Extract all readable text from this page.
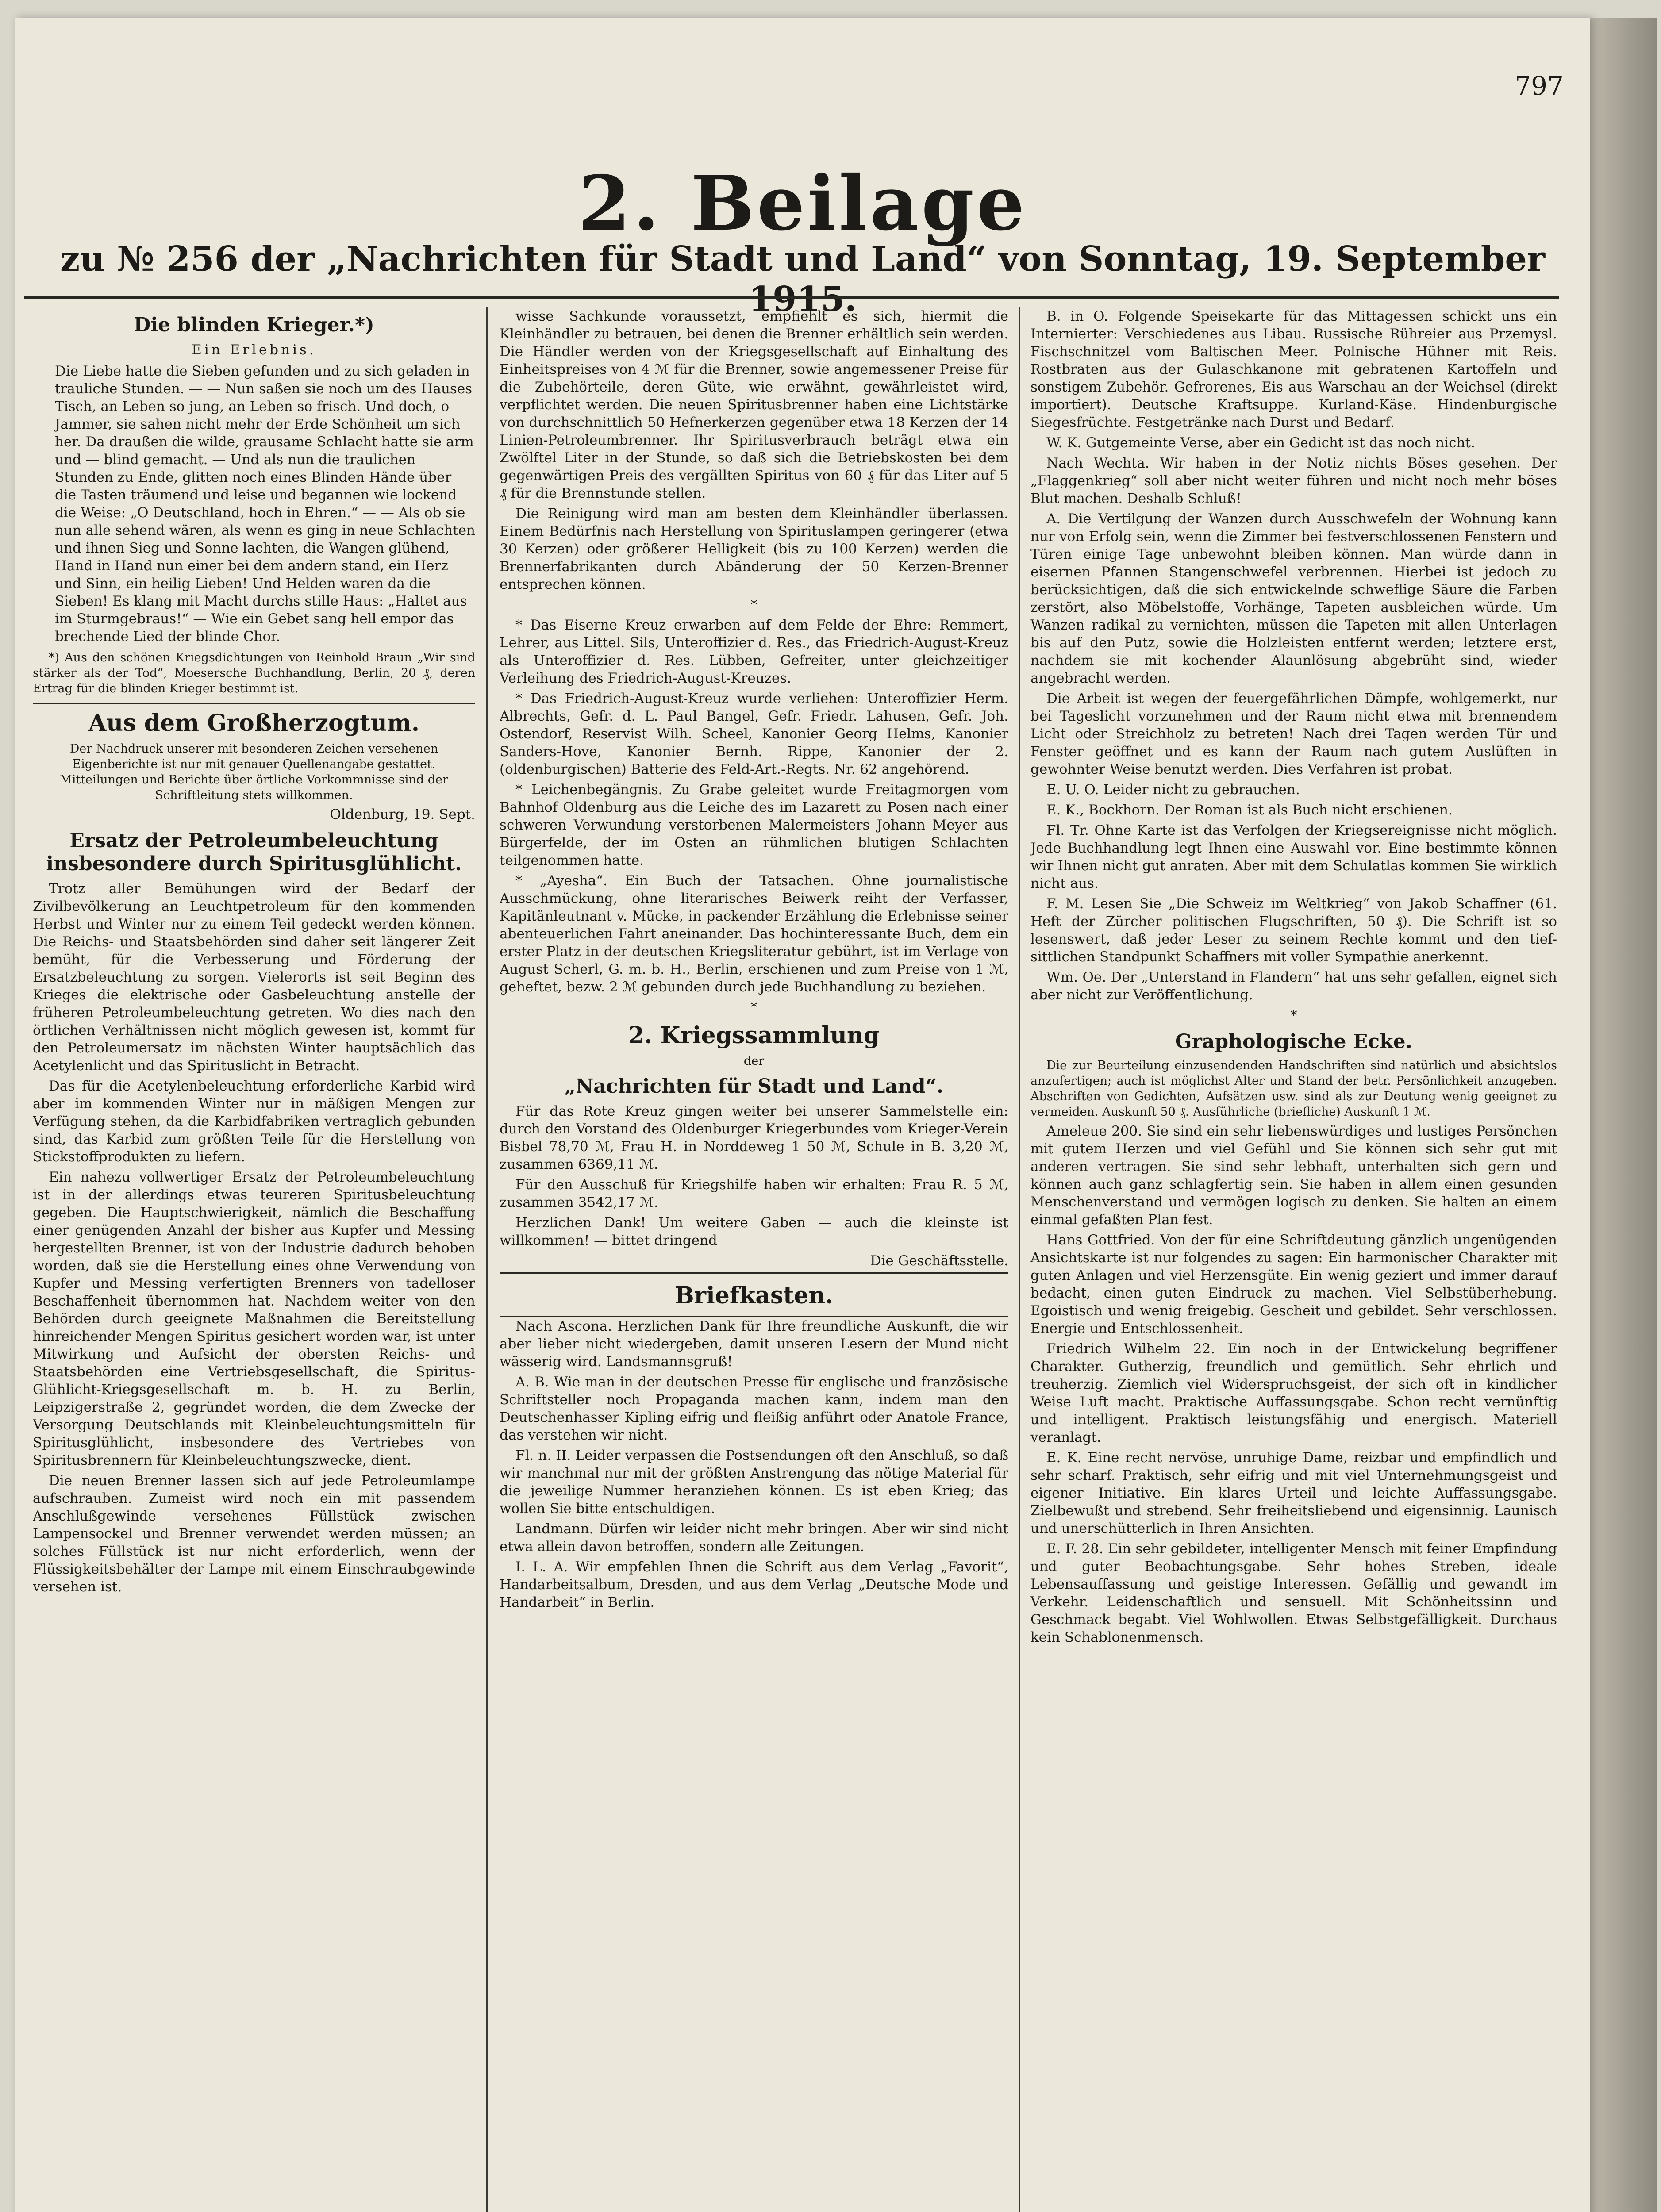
797
2. Beilage
zu № 256 der „Nachrichten für Stadt und Land“ von Sonntag, 19. September 1915.
Die blinden Krieger.*)
Ein Erlebnis.

Die Liebe hatte die Sieben gefunden und zu sich geladen in trauliche Stunden. — — Nun saßen sie noch um des Hauses Tisch, an Leben so jung, an Leben so frisch. Und doch, o Jammer, sie sahen nicht mehr der Erde Schönheit um sich her. Da draußen die wilde, grausame Schlacht hatte sie arm und — blind gemacht. — Und als nun die traulichen Stunden zu Ende, glitten noch eines Blinden Hände über die Tasten träumend und leise und begannen wie lockend die Weise: „O Deutschland, hoch in Ehren.“ — — Als ob sie nun alle sehend wären, als wenn es ging in neue Schlachten und ihnen Sieg und Sonne lachten, die Wangen glühend, Hand in Hand nun einer bei dem andern stand, ein Herz und Sinn, ein heilig Lieben! Und Helden waren da die Sieben! Es klang mit Macht durchs stille Haus: „Haltet aus im Sturmgebraus!“ — Wie ein Gebet sang hell empor das brechende Lied der blinde Chor.

*) Aus den schönen Kriegsdichtungen von Reinhold Braun „Wir sind stärker als der Tod“, Moesersche Buchhandlung, Berlin, 20 ₰, deren Ertrag für die blinden Krieger bestimmt ist.

Aus dem Großherzogtum.

Der Nachdruck unserer mit besonderen Zeichen versehenen Eigenberichte ist nur mit genauer Quellenangabe gestattet. Mitteilungen und Berichte über örtliche Vorkommnisse sind der Schriftleitung stets willkommen.

Oldenburg, 19. Sept.

Ersatz der Petroleumbeleuchtung insbesondere durch Spiritusglühlicht.

Trotz aller Bemühungen wird der Bedarf der Zivilbevölkerung an Leuchtpetroleum für den kommenden Herbst und Winter nur zu einem Teil gedeckt werden können. Die Reichs- und Staatsbehörden sind daher seit längerer Zeit bemüht, für die Verbesserung und Förderung der Ersatzbeleuchtung zu sorgen. Vielerorts ist seit Beginn des Krieges die elektrische oder Gasbeleuchtung anstelle der früheren Petroleumbeleuchtung getreten. Wo dies nach den örtlichen Verhältnissen nicht möglich gewesen ist, kommt für den Petroleumersatz im nächsten Winter hauptsächlich das Acetylenlicht und das Spirituslicht in Betracht.

Das für die Acetylenbeleuchtung erforderliche Karbid wird aber im kommenden Winter nur in mäßigen Mengen zur Verfügung stehen, da die Karbidfabriken vertraglich gebunden sind, das Karbid zum größten Teile für die Herstellung von Stickstoffprodukten zu liefern.

Ein nahezu vollwertiger Ersatz der Petroleumbeleuchtung ist in der allerdings etwas teureren Spiritusbeleuchtung gegeben. Die Hauptschwierigkeit, nämlich die Beschaffung einer genügenden Anzahl der bisher aus Kupfer und Messing hergestellten Brenner, ist von der Industrie dadurch behoben worden, daß sie die Herstellung eines ohne Verwendung von Kupfer und Messing verfertigten Brenners von tadelloser Beschaffenheit übernommen hat. Nachdem weiter von den Behörden durch geeignete Maßnahmen die Bereitstellung hinreichender Mengen Spiritus gesichert worden war, ist unter Mitwirkung und Aufsicht der obersten Reichs- und Staatsbehörden eine Vertriebsgesellschaft, die Spiritus-Glühlicht-Kriegsgesellschaft m. b. H. zu Berlin, Leipzigerstraße 2, gegründet worden, die dem Zwecke der Versorgung Deutschlands mit Kleinbeleuchtungsmitteln für Spiritusglühlicht, insbesondere des Vertriebes von Spiritusbrennern für Kleinbeleuchtungszwecke, dient.

Die neuen Brenner lassen sich auf jede Petroleumlampe aufschrauben. Zumeist wird noch ein mit passendem Anschlußgewinde versehenes Füllstück zwischen Lampensockel und Brenner verwendet werden müssen; an solches Füllstück ist nur nicht erforderlich, wenn der Flüssigkeitsbehälter der Lampe mit einem Einschraubgewinde versehen ist.

wisse Sachkunde voraussetzt, empfiehlt es sich, hiermit die Kleinhändler zu betrauen, bei denen die Brenner erhältlich sein werden. Die Händler werden von der Kriegsgesellschaft auf Einhaltung des Einheitspreises von 4 ℳ für die Brenner, sowie angemessener Preise für die Zubehörteile, deren Güte, wie erwähnt, gewährleistet wird, verpflichtet werden. Die neuen Spiritusbrenner haben eine Lichtstärke von durchschnittlich 50 Hefnerkerzen gegenüber etwa 18 Kerzen der 14 Linien-Petroleumbrenner. Ihr Spiritusverbrauch beträgt etwa ein Zwölftel Liter in der Stunde, so daß sich die Betriebskosten bei dem gegenwärtigen Preis des vergällten Spiritus von 60 ₰ für das Liter auf 5 ₰ für die Brennstunde stellen.

Die Reinigung wird man am besten dem Kleinhändler überlassen. Einem Bedürfnis nach Herstellung von Spirituslampen geringerer (etwa 30 Kerzen) oder größerer Helligkeit (bis zu 100 Kerzen) werden die Brennerfabrikanten durch Abänderung der 50 Kerzen-Brenner entsprechen können.

*

* Das Eiserne Kreuz erwarben auf dem Felde der Ehre: Remmert, Lehrer, aus Littel. Sils, Unteroffizier d. Res., das Friedrich-August-Kreuz als Unteroffizier d. Res. Lübben, Gefreiter, unter gleichzeitiger Verleihung des Friedrich-August-Kreuzes.

* Das Friedrich-August-Kreuz wurde verliehen: Unteroffizier Herm. Albrechts, Gefr. d. L. Paul Bangel, Gefr. Friedr. Lahusen, Gefr. Joh. Ostendorf, Reservist Wilh. Scheel, Kanonier Georg Helms, Kanonier Sanders-Hove, Kanonier Bernh. Rippe, Kanonier der 2. (oldenburgischen) Batterie des Feld-Art.-Regts. Nr. 62 angehörend.

* Leichenbegängnis. Zu Grabe geleitet wurde Freitagmorgen vom Bahnhof Oldenburg aus die Leiche des im Lazarett zu Posen nach einer schweren Verwundung verstorbenen Malermeisters Johann Meyer aus Bürgerfelde, der im Osten an rühmlichen blutigen Schlachten teilgenommen hatte.

* „Ayesha“. Ein Buch der Tatsachen. Ohne journalistische Ausschmückung, ohne literarisches Beiwerk reiht der Verfasser, Kapitänleutnant v. Mücke, in packender Erzählung die Erlebnisse seiner abenteuerlichen Fahrt aneinander. Das hochinteressante Buch, dem ein erster Platz in der deutschen Kriegsliteratur gebührt, ist im Verlage von August Scherl, G. m. b. H., Berlin, erschienen und zum Preise von 1 ℳ, geheftet, bezw. 2 ℳ gebunden durch jede Buchhandlung zu beziehen.

*
2. Kriegssammlung
der
„Nachrichten für Stadt und Land“.

Für das Rote Kreuz gingen weiter bei unserer Sammelstelle ein: durch den Vorstand des Oldenburger Kriegerbundes vom Krieger-Verein Bisbel 78,70 ℳ, Frau H. in Norddeweg 1 50 ℳ, Schule in B. 3,20 ℳ, zusammen 6369,11 ℳ.

Für den Ausschuß für Kriegshilfe haben wir erhalten: Frau R. 5 ℳ, zusammen 3542,17 ℳ.

Herzlichen Dank! Um weitere Gaben — auch die kleinste ist willkommen! — bittet dringend

Die Geschäftsstelle.

Briefkasten.

Nach Ascona. Herzlichen Dank für Ihre freundliche Auskunft, die wir aber lieber nicht wiedergeben, damit unseren Lesern der Mund nicht wässerig wird. Landsmannsgruß!

A. B. Wie man in der deutschen Presse für englische und französische Schriftsteller noch Propaganda machen kann, indem man den Deutschenhasser Kipling eifrig und fleißig anführt oder Anatole France, das verstehen wir nicht.

Fl. n. II. Leider verpassen die Postsendungen oft den Anschluß, so daß wir manchmal nur mit der größten Anstrengung das nötige Material für die jeweilige Nummer heranziehen können. Es ist eben Krieg; das wollen Sie bitte entschuldigen.

Landmann. Dürfen wir leider nicht mehr bringen. Aber wir sind nicht etwa allein davon betroffen, sondern alle Zeitungen.

I. L. A. Wir empfehlen Ihnen die Schrift aus dem Verlag „Favorit“, Handarbeitsalbum, Dresden, und aus dem Verlag „Deutsche Mode und Handarbeit“ in Berlin.

B. in O. Folgende Speisekarte für das Mittagessen schickt uns ein Internierter: Verschiedenes aus Libau. Russische Rühreier aus Przemysl. Fischschnitzel vom Baltischen Meer. Polnische Hühner mit Reis. Rostbraten aus der Gulaschkanone mit gebratenen Kartoffeln und sonstigem Zubehör. Gefrorenes, Eis aus Warschau an der Weichsel (direkt importiert). Deutsche Kraftsuppe. Kurland-Käse. Hindenburgische Siegesfrüchte. Festgetränke nach Durst und Bedarf.

W. K. Gutgemeinte Verse, aber ein Gedicht ist das noch nicht.

Nach Wechta. Wir haben in der Notiz nichts Böses gesehen. Der „Flaggenkrieg“ soll aber nicht weiter führen und nicht noch mehr böses Blut machen. Deshalb Schluß!

A. Die Vertilgung der Wanzen durch Ausschwefeln der Wohnung kann nur von Erfolg sein, wenn die Zimmer bei festverschlossenen Fenstern und Türen einige Tage unbewohnt bleiben können. Man würde dann in eisernen Pfannen Stangenschwefel verbrennen. Hierbei ist jedoch zu berücksichtigen, daß die sich entwickelnde schweflige Säure die Farben zerstört, also Möbelstoffe, Vorhänge, Tapeten ausbleichen würde. Um Wanzen radikal zu vernichten, müssen die Tapeten mit allen Unterlagen bis auf den Putz, sowie die Holzleisten entfernt werden; letztere erst, nachdem sie mit kochender Alaunlösung abgebrüht sind, wieder angebracht werden.

Die Arbeit ist wegen der feuergefährlichen Dämpfe, wohlgemerkt, nur bei Tageslicht vorzunehmen und der Raum nicht etwa mit brennendem Licht oder Streichholz zu betreten! Nach drei Tagen werden Tür und Fenster geöffnet und es kann der Raum nach gutem Auslüften in gewohnter Weise benutzt werden. Dies Verfahren ist probat.

E. U. O. Leider nicht zu gebrauchen.

E. K., Bockhorn. Der Roman ist als Buch nicht erschienen.

Fl. Tr. Ohne Karte ist das Verfolgen der Kriegsereignisse nicht möglich. Jede Buchhandlung legt Ihnen eine Auswahl vor. Eine bestimmte können wir Ihnen nicht gut anraten. Aber mit dem Schulatlas kommen Sie wirklich nicht aus.

F. M. Lesen Sie „Die Schweiz im Weltkrieg“ von Jakob Schaffner (61. Heft der Zürcher politischen Flugschriften, 50 ₰). Die Schrift ist so lesenswert, daß jeder Leser zu seinem Rechte kommt und den tief-sittlichen Standpunkt Schaffners mit voller Sympathie anerkennt.

Wm. Oe. Der „Unterstand in Flandern“ hat uns sehr gefallen, eignet sich aber nicht zur Veröffentlichung.

*
Graphologische Ecke.

Die zur Beurteilung einzusendenden Handschriften sind natürlich und absichtslos anzufertigen; auch ist möglichst Alter und Stand der betr. Persönlichkeit anzugeben. Abschriften von Gedichten, Aufsätzen usw. sind als zur Deutung wenig geeignet zu vermeiden. Auskunft 50 ₰. Ausführliche (briefliche) Auskunft 1 ℳ.

Ameleue 200. Sie sind ein sehr liebenswürdiges und lustiges Persönchen mit gutem Herzen und viel Gefühl und Sie können sich sehr gut mit anderen vertragen. Sie sind sehr lebhaft, unterhalten sich gern und können auch ganz schlagfertig sein. Sie haben in allem einen gesunden Menschenverstand und vermögen logisch zu denken. Sie halten an einem einmal gefaßten Plan fest.

Hans Gottfried. Von der für eine Schriftdeutung gänzlich ungenügenden Ansichtskarte ist nur folgendes zu sagen: Ein harmonischer Charakter mit guten Anlagen und viel Herzensgüte. Ein wenig geziert und immer darauf bedacht, einen guten Eindruck zu machen. Viel Selbstüberhebung. Egoistisch und wenig freigebig. Gescheit und gebildet. Sehr verschlossen. Energie und Entschlossenheit.

Friedrich Wilhelm 22. Ein noch in der Entwickelung begriffener Charakter. Gutherzig, freundlich und gemütlich. Sehr ehrlich und treuherzig. Ziemlich viel Widerspruchsgeist, der sich oft in kindlicher Weise Luft macht. Praktische Auffassungsgabe. Schon recht vernünftig und intelligent. Praktisch leistungsfähig und energisch. Materiell veranlagt.

E. K. Eine recht nervöse, unruhige Dame, reizbar und empfindlich und sehr scharf. Praktisch, sehr eifrig und mit viel Unternehmungsgeist und eigener Initiative. Ein klares Urteil und leichte Auffassungsgabe. Zielbewußt und strebend. Sehr freiheitsliebend und eigensinnig. Launisch und unerschütterlich in Ihren Ansichten.

E. F. 28. Ein sehr gebildeter, intelligenter Mensch mit feiner Empfindung und guter Beobachtungsgabe. Sehr hohes Streben, ideale Lebensauffassung und geistige Interessen. Gefällig und gewandt im Verkehr. Leidenschaftlich und sensuell. Mit Schönheitssinn und Geschmack begabt. Viel Wohlwollen. Etwas Selbstgefälligkeit. Durchaus kein Schablonenmensch.
